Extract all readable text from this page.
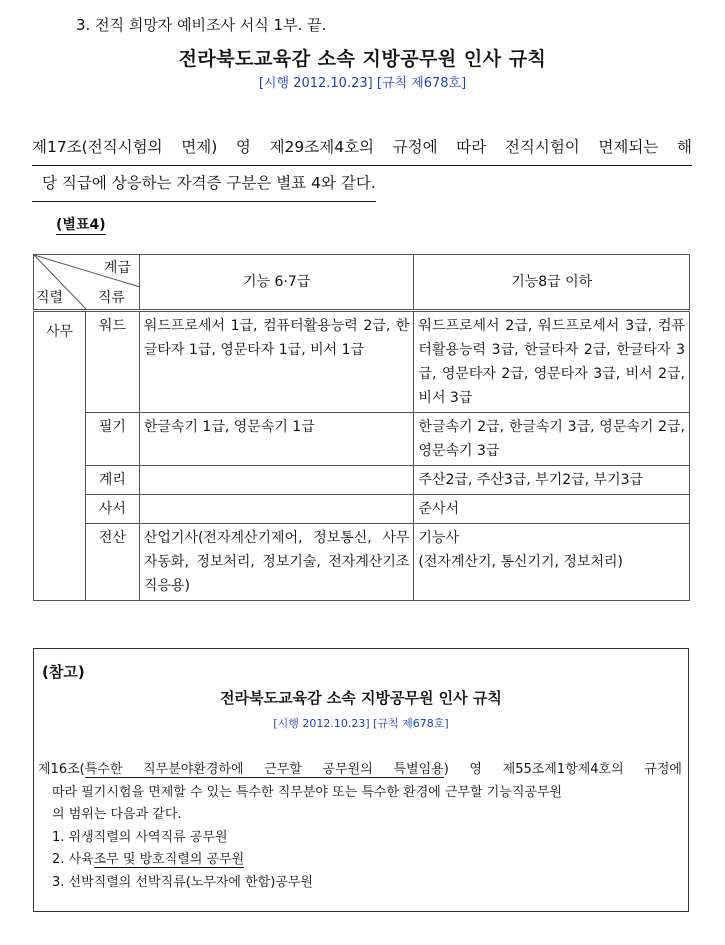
3. 전직 희망자 예비조사 서식 1부. 끝.
전라북도교육감 소속 지방공무원 인사 규칙
[시행 2012.10.23] [규칙 제678호]
제17조(전직시험의 면제) 영 제29조제4호의 규정에 따라 전직시험이 면제되는 해
당 직급에 상응하는 자격증 구분은 별표 4와 같다.
(별표4)
계급
직렬 직류		기능 6·7급	기능8급 이하
사무	워드	워드프로세서 1급, 컴퓨터활용능력 2급, 한글타자 1급, 영문타자 1급, 비서 1급	워드프로세서 2급, 워드프로세서 3급, 컴퓨터활용능력 3급, 한글타자 2급, 한글타자 3급, 영문타자 2급, 영문타자 3급, 비서 2급, 비서 3급
	필기	한글속기 1급, 영문속기 1급	한글속기 2급, 한글속기 3급, 영문속기 2급, 영문속기 3급
	계리		주산2급, 주산3급, 부기2급, 부기3급
	사서		준사서
	전산	산업기사(전자계산기제어, 정보통신, 사무자동화, 정보처리, 정보기술, 전자계산기조직응용)	기능사
(전자계산기, 통신기기, 정보처리)
(참고)
전라북도교육감 소속 지방공무원 인사 규칙
[시행 2012.10.23] [규칙 제678호]
제16조(특수한 직무분야환경하에 근무할 공무원의 특별임용) 영 제55조제1항제4호의 규정에
따라 필기시험을 면제할 수 있는 특수한 직무분야 또는 특수한 환경에 근무할 기능직공무원
의 범위는 다음과 같다.
1. 위생직렬의 사역직류 공무원
2. 사육조무 및 방호직렬의 공무원
3. 선박직렬의 선박직류(노무자에 한함)공무원
